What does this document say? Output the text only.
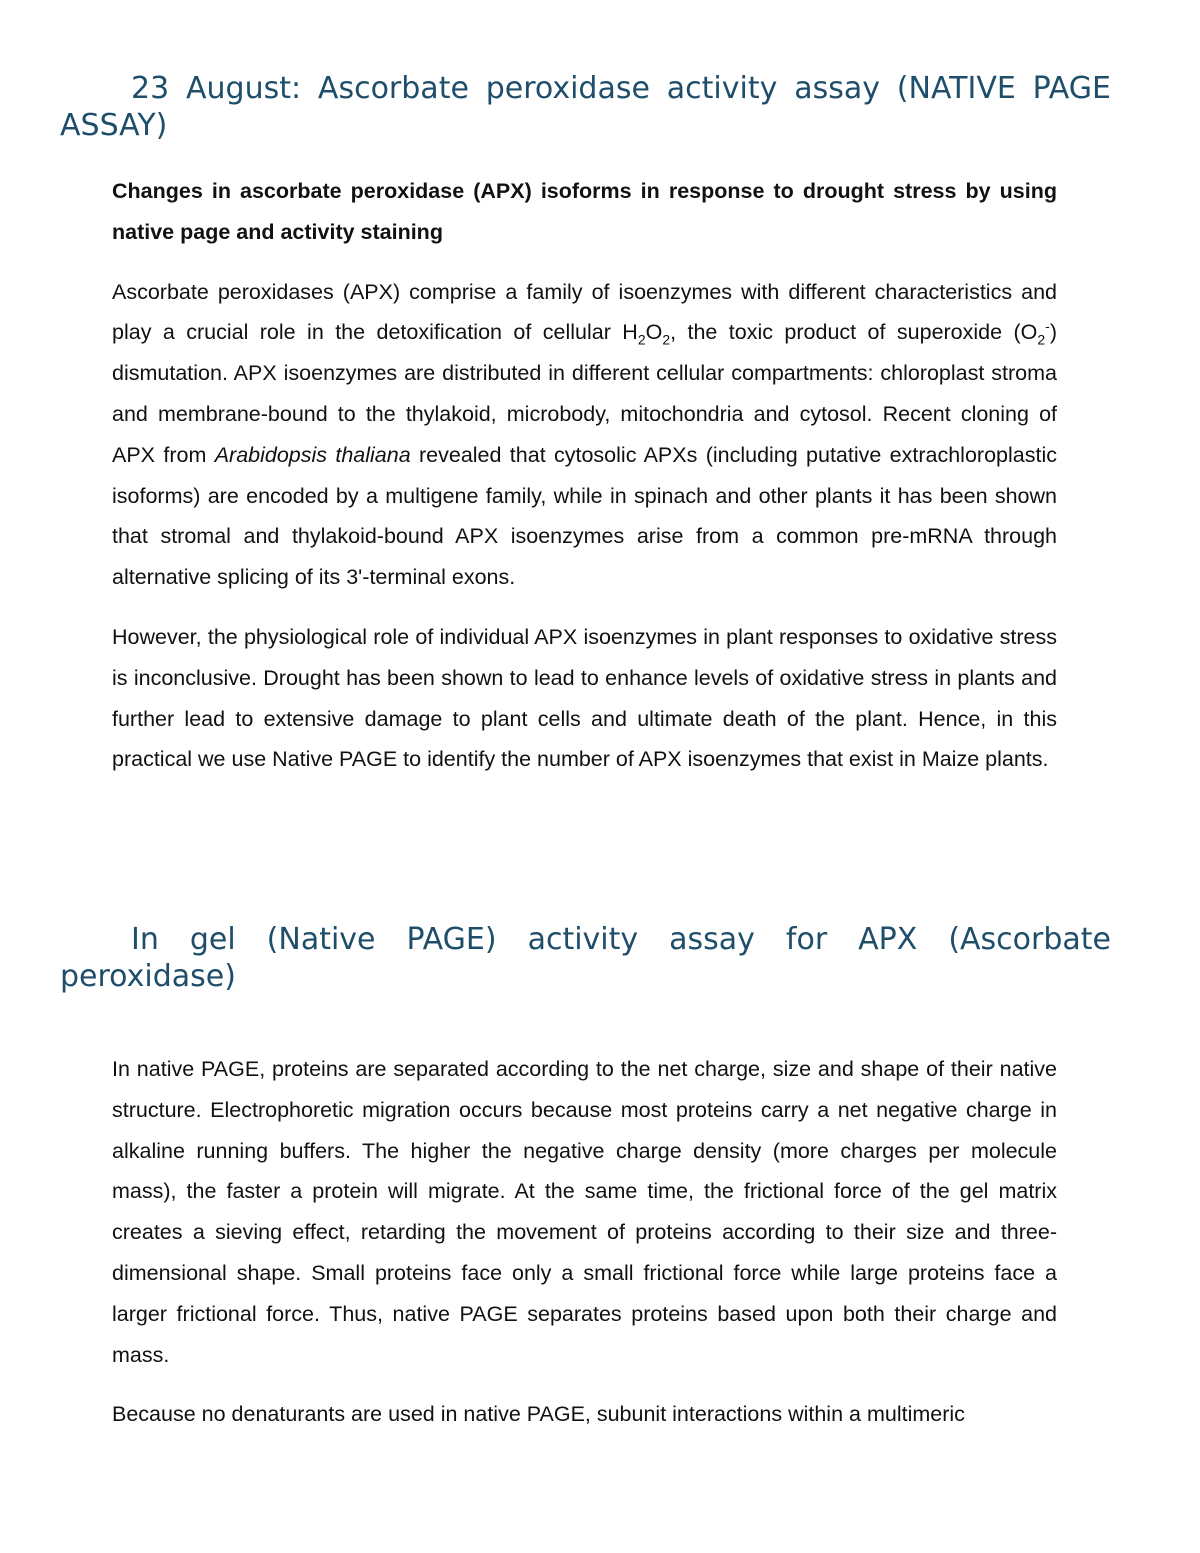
23 August: Ascorbate peroxidase activity assay (NATIVE PAGE ASSAY)

Changes in ascorbate peroxidase (APX) isoforms in response to drought stress by using native page and activity staining

Ascorbate peroxidases (APX) comprise a family of isoenzymes with different characteristics and play a crucial role in the detoxification of cellular $H_2O_2$, the toxic product of superoxide $(O_2^-)$ dismutation. APX isoenzymes are distributed in different cellular compartments: chloroplast stroma and membrane-bound to the thylakoid, microbody, mitochondria and cytosol. Recent cloning of APX from Arabidopsis thaliana revealed that cytosolic APXs (including putative extrachloroplastic isoforms) are encoded by a multigene family, while in spinach and other plants it has been shown that stromal and thylakoid-bound APX isoenzymes arise from a common pre-mRNA through alternative splicing of its 3'-terminal exons.

However, the physiological role of individual APX isoenzymes in plant responses to oxidative stress is inconclusive. Drought has been shown to lead to enhance levels of oxidative stress in plants and further lead to extensive damage to plant cells and ultimate death of the plant. Hence, in this practical we use Native PAGE to identify the number of APX isoenzymes that exist in Maize plants.

In gel (Native PAGE) activity assay for APX (Ascorbate
peroxidase)

In native PAGE, proteins are separated according to the net charge, size and shape of their native structure. Electrophoretic migration occurs because most proteins carry a net negative charge in alkaline running buffers. The higher the negative charge density (more charges per molecule mass), the faster a protein will migrate. At the same time, the frictional force of the gel matrix creates a sieving effect, retarding the movement of proteins according to their size and three-dimensional shape. Small proteins face only a small frictional force while large proteins face a larger frictional force. Thus, native PAGE separates proteins based upon both their charge and mass.

Because no denaturants are used in native PAGE, subunit interactions within a multimeric
